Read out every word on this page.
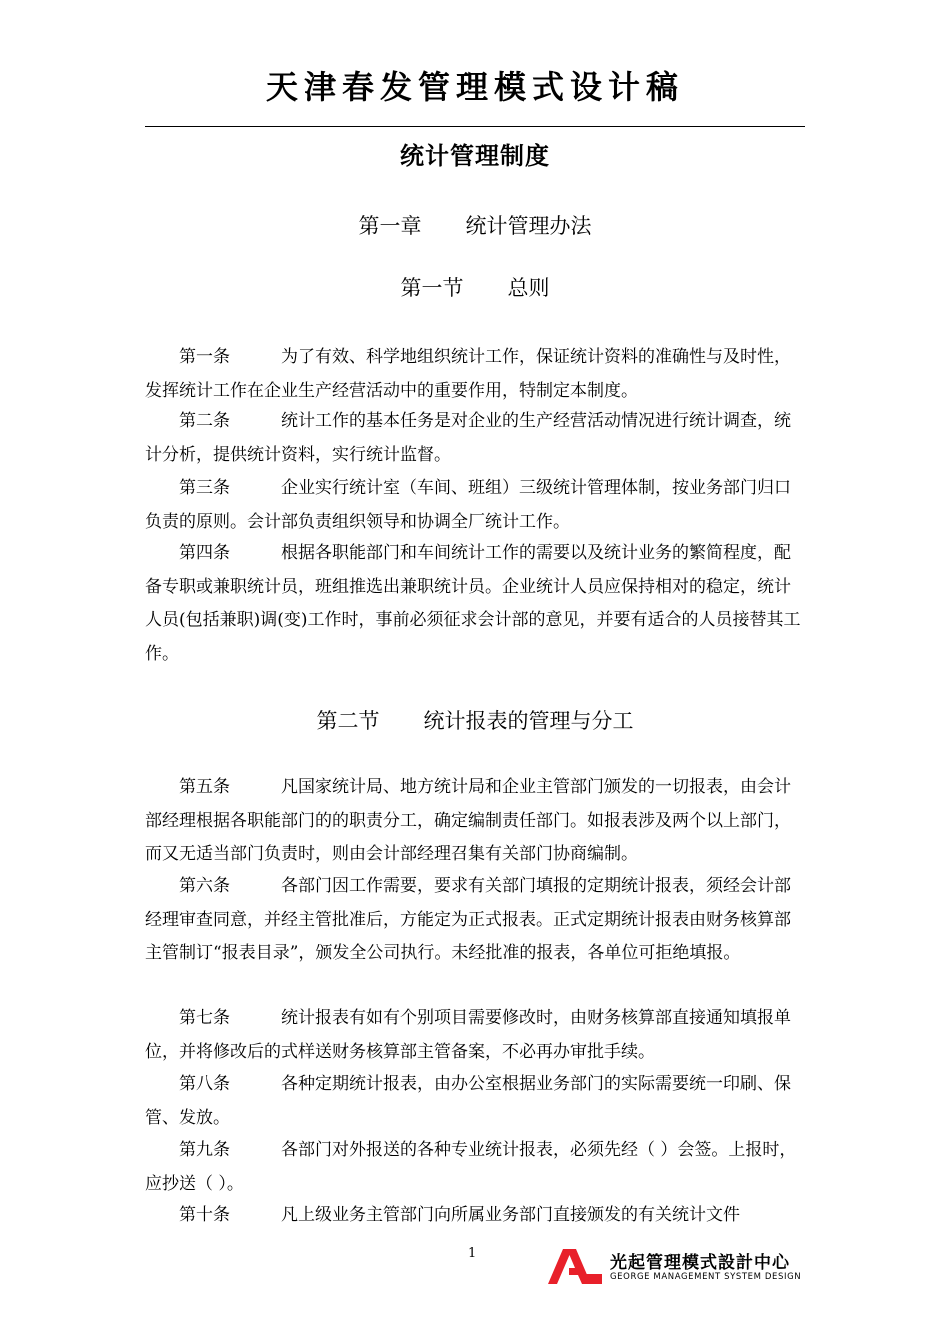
天津春发管理模式设计稿
统计管理制度
第一章 统计管理办法
第一节 总则

第一条	为了有效、科学地组织统计工作，保证统计资料的准确性与及时性，发挥统计工作在企业生产经营活动中的重要作用，特制定本制度。

第二条	统计工作的基本任务是对企业的生产经营活动情况进行统计调查，统计分析，提供统计资料，实行统计监督。

第三条	企业实行统计室（车间、班组）三级统计管理体制，按业务部门归口负责的原则。会计部负责组织领导和协调全厂统计工作。

第四条	根据各职能部门和车间统计工作的需要以及统计业务的繁简程度，配备专职或兼职统计员，班组推选出兼职统计员。企业统计人员应保持相对的稳定，统计人员(包括兼职)调(变)工作时，事前必须征求会计部的意见，并要有适合的人员接替其工作。

第二节 统计报表的管理与分工

第五条	凡国家统计局、地方统计局和企业主管部门颁发的一切报表，由会计部经理根据各职能部门的的职责分工，确定编制责任部门。如报表涉及两个以上部门，而又无适当部门负责时，则由会计部经理召集有关部门协商编制。

第六条	各部门因工作需要，要求有关部门填报的定期统计报表，须经会计部经理审查同意，并经主管批准后，方能定为正式报表。正式定期统计报表由财务核算部主管制订“报表目录”，颁发全公司执行。未经批准的报表，各单位可拒绝填报。

第七条	统计报表有如有个别项目需要修改时，由财务核算部直接通知填报单位，并将修改后的式样送财务核算部主管备案，不必再办审批手续。

第八条	各种定期统计报表，由办公室根据业务部门的实际需要统一印刷、保管、发放。

第九条	各部门对外报送的各种专业统计报表，必须先经（ ）会签。上报时，应抄送（ ）。

第十条	凡上级业务主管部门向所属业务部门直接颁发的有关统计文件

1	光起管理模式設計中心
GEORGE MANAGEMENT SYSTEM DESIGN
